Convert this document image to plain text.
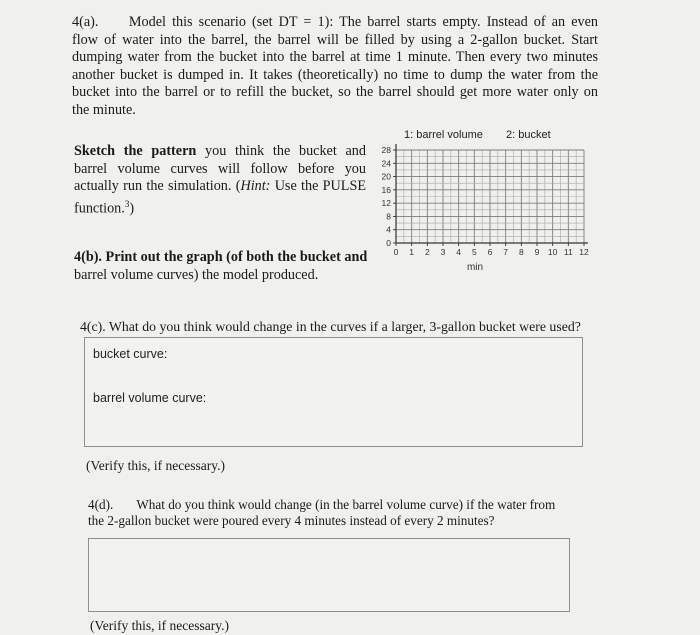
4(a). Model this scenario (set DT = 1): The barrel starts empty. Instead of an even
flow of water into the barrel, the barrel will be filled by using a 2-gallon bucket. Start
dumping water from the bucket into the barrel at time 1 minute. Then every two minutes
another bucket is dumped in. It takes (theoretically) no time to dump the water from the
bucket into the barrel or to refill the bucket, so the barrel should get more water only on
the minute.
Sketch the pattern you think the bucket and
barrel volume curves will follow before you
actually run the simulation. (Hint: Use the PULSE
function.$^3$)
1: barrel volume 2: bucket
0 1 2 3 4 5 6 7 8 9 10 11 12
0
4
8
12
16
20
24
28
min
4(b). Print out the graph (of both the bucket and
barrel volume curves) the model produced.
4(c). What do you think would change in the curves if a larger, 3-gallon bucket were used?
bucket curve:
barrel volume curve:
(Verify this, if necessary.)
4(d). What do you think would change (in the barrel volume curve) if the water from
the 2-gallon bucket were poured every 4 minutes instead of every 2 minutes?
(Verify this, if necessary.)
